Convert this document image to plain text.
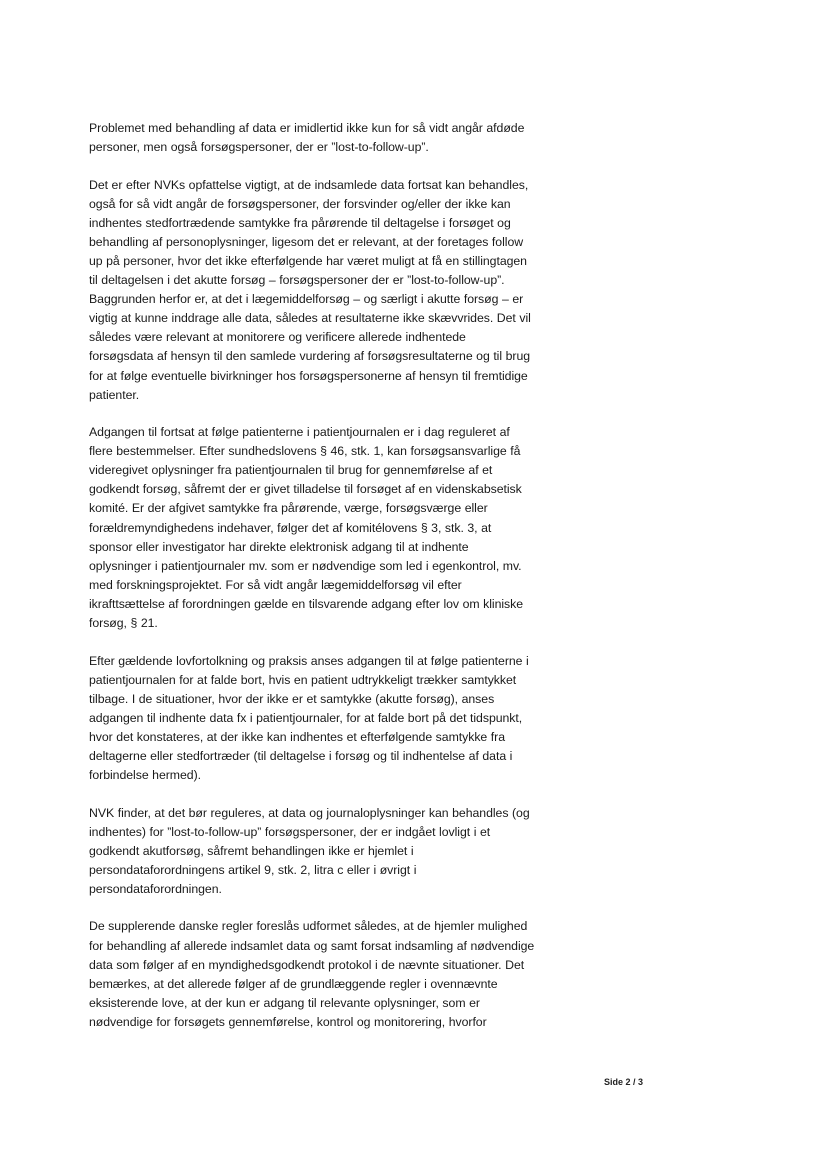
Problemet med behandling af data er imidlertid ikke kun for så vidt angår afdøde
personer, men også forsøgspersoner, der er ”lost-to-follow-up”.

Det er efter NVKs opfattelse vigtigt, at de indsamlede data fortsat kan behandles,
også for så vidt angår de forsøgspersoner, der forsvinder og/eller der ikke kan
indhentes stedfortrædende samtykke fra pårørende til deltagelse i forsøget og
behandling af personoplysninger, ligesom det er relevant, at der foretages follow
up på personer, hvor det ikke efterfølgende har været muligt at få en stillingtagen
til deltagelsen i det akutte forsøg – forsøgspersoner der er ”lost-to-follow-up”.
Baggrunden herfor er, at det i lægemiddelforsøg – og særligt i akutte forsøg – er
vigtig at kunne inddrage alle data, således at resultaterne ikke skævvrides. Det vil
således være relevant at monitorere og verificere allerede indhentede
forsøgsdata af hensyn til den samlede vurdering af forsøgsresultaterne og til brug
for at følge eventuelle bivirkninger hos forsøgspersonerne af hensyn til fremtidige
patienter.

Adgangen til fortsat at følge patienterne i patientjournalen er i dag reguleret af
flere bestemmelser. Efter sundhedslovens § 46, stk. 1, kan forsøgsansvarlige få
videregivet oplysninger fra patientjournalen til brug for gennemførelse af et
godkendt forsøg, såfremt der er givet tilladelse til forsøget af en videnskabsetisk
komité. Er der afgivet samtykke fra pårørende, værge, forsøgsværge eller
forældremyndighedens indehaver, følger det af komitélovens § 3, stk. 3, at
sponsor eller investigator har direkte elektronisk adgang til at indhente
oplysninger i patientjournaler mv. som er nødvendige som led i egenkontrol, mv.
med forskningsprojektet. For så vidt angår lægemiddelforsøg vil efter
ikrafttsættelse af forordningen gælde en tilsvarende adgang efter lov om kliniske
forsøg, § 21.

Efter gældende lovfortolkning og praksis anses adgangen til at følge patienterne i
patientjournalen for at falde bort, hvis en patient udtrykkeligt trækker samtykket
tilbage. I de situationer, hvor der ikke er et samtykke (akutte forsøg), anses
adgangen til indhente data fx i patientjournaler, for at falde bort på det tidspunkt,
hvor det konstateres, at der ikke kan indhentes et efterfølgende samtykke fra
deltagerne eller stedfortræder (til deltagelse i forsøg og til indhentelse af data i
forbindelse hermed).

NVK finder, at det bør reguleres, at data og journaloplysninger kan behandles (og
indhentes) for ”lost-to-follow-up” forsøgspersoner, der er indgået lovligt i et
godkendt akutforsøg, såfremt behandlingen ikke er hjemlet i
persondataforordningens artikel 9, stk. 2, litra c eller i øvrigt i
persondataforordningen.

De supplerende danske regler foreslås udformet således, at de hjemler mulighed
for behandling af allerede indsamlet data og samt forsat indsamling af nødvendige
data som følger af en myndighedsgodkendt protokol i de nævnte situationer. Det
bemærkes, at det allerede følger af de grundlæggende regler i ovennævnte
eksisterende love, at der kun er adgang til relevante oplysninger, som er
nødvendige for forsøgets gennemførelse, kontrol og monitorering, hvorfor

Side 2 / 3
